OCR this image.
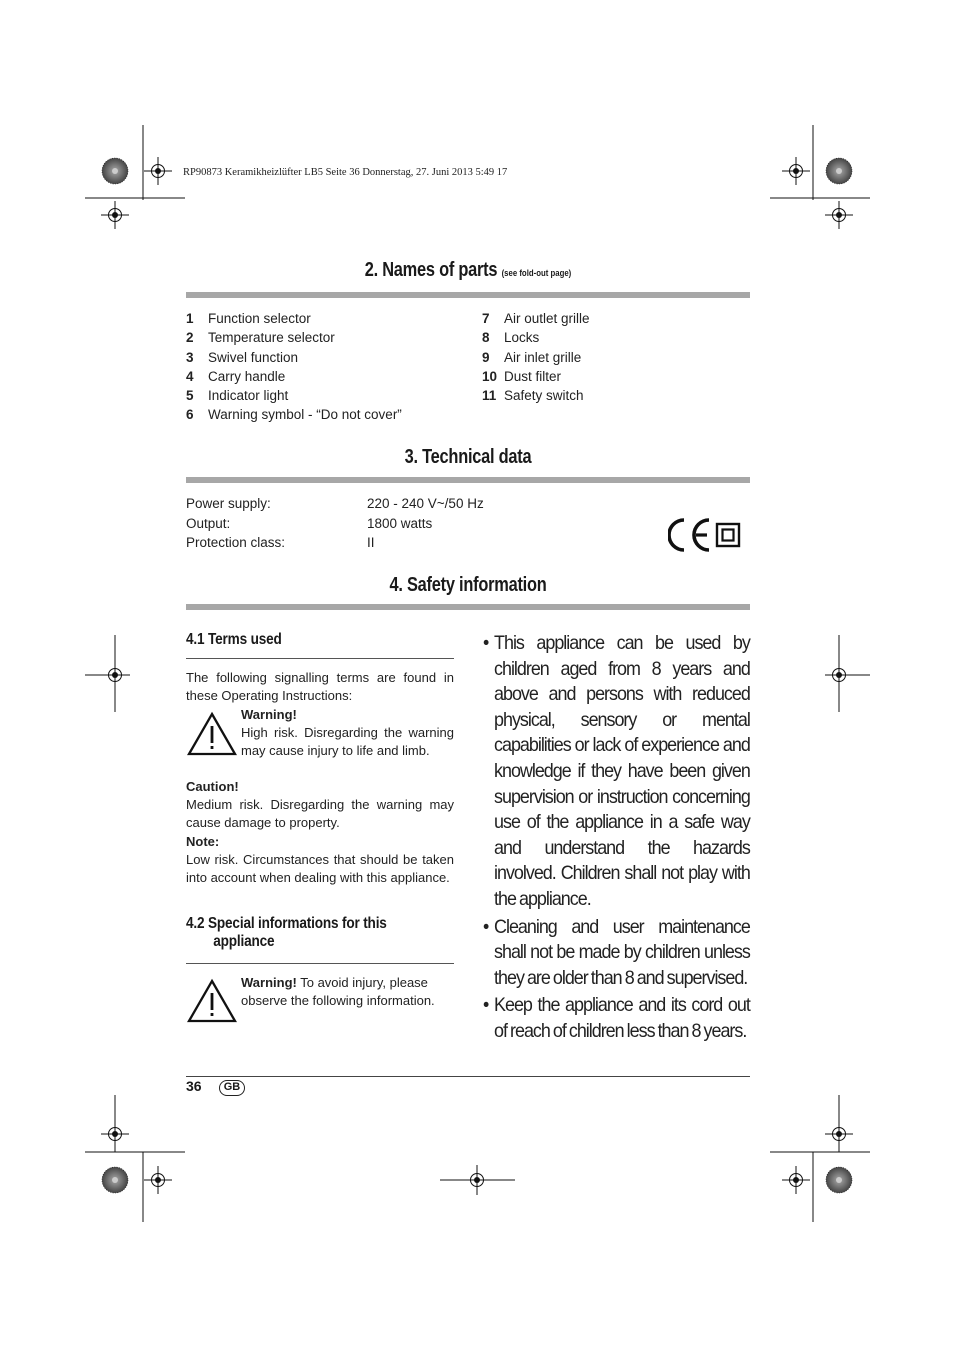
RP90873 Keramikheizlüfter LB5 Seite 36 Donnerstag, 27. Juni 2013 5:49 17
2. Names of parts (see fold-out page)
1 Function selector
2 Temperature selector
3 Swivel function
4 Carry handle
5 Indicator light
6 Warning symbol - “Do not cover”
7 Air outlet grille
8 Locks
9 Air inlet grille
10 Dust filter
11 Safety switch
3. Technical data
Power supply:	220 - 240 V~/50 Hz
Output:	1800 watts
Protection class:	II
4. Safety information
4.1 Terms used
The following signalling terms are found in these Operating Instructions:
Warning!
High risk. Disregarding the warning may cause injury to life and limb.
Caution!
Medium risk. Disregarding the warning may cause damage to property.
Note:
Low risk. Circumstances that should be taken into account when dealing with this appliance.
4.2 Special informations for this
appliance
Warning! To avoid injury, please observe the following information.
• This appliance can be used by children aged from 8 years and above and persons with reduced physical, sensory or mental capabilities or lack of experience and knowledge if they have been given supervision or instruction concerning use of the appliance in a safe way and understand the hazards involved. Children shall not play with the appliance.
• Cleaning and user maintenance shall not be made by children unless they are older than 8 and supervised.
• Keep the appliance and its cord out of reach of children less than 8 years.
36	GB
